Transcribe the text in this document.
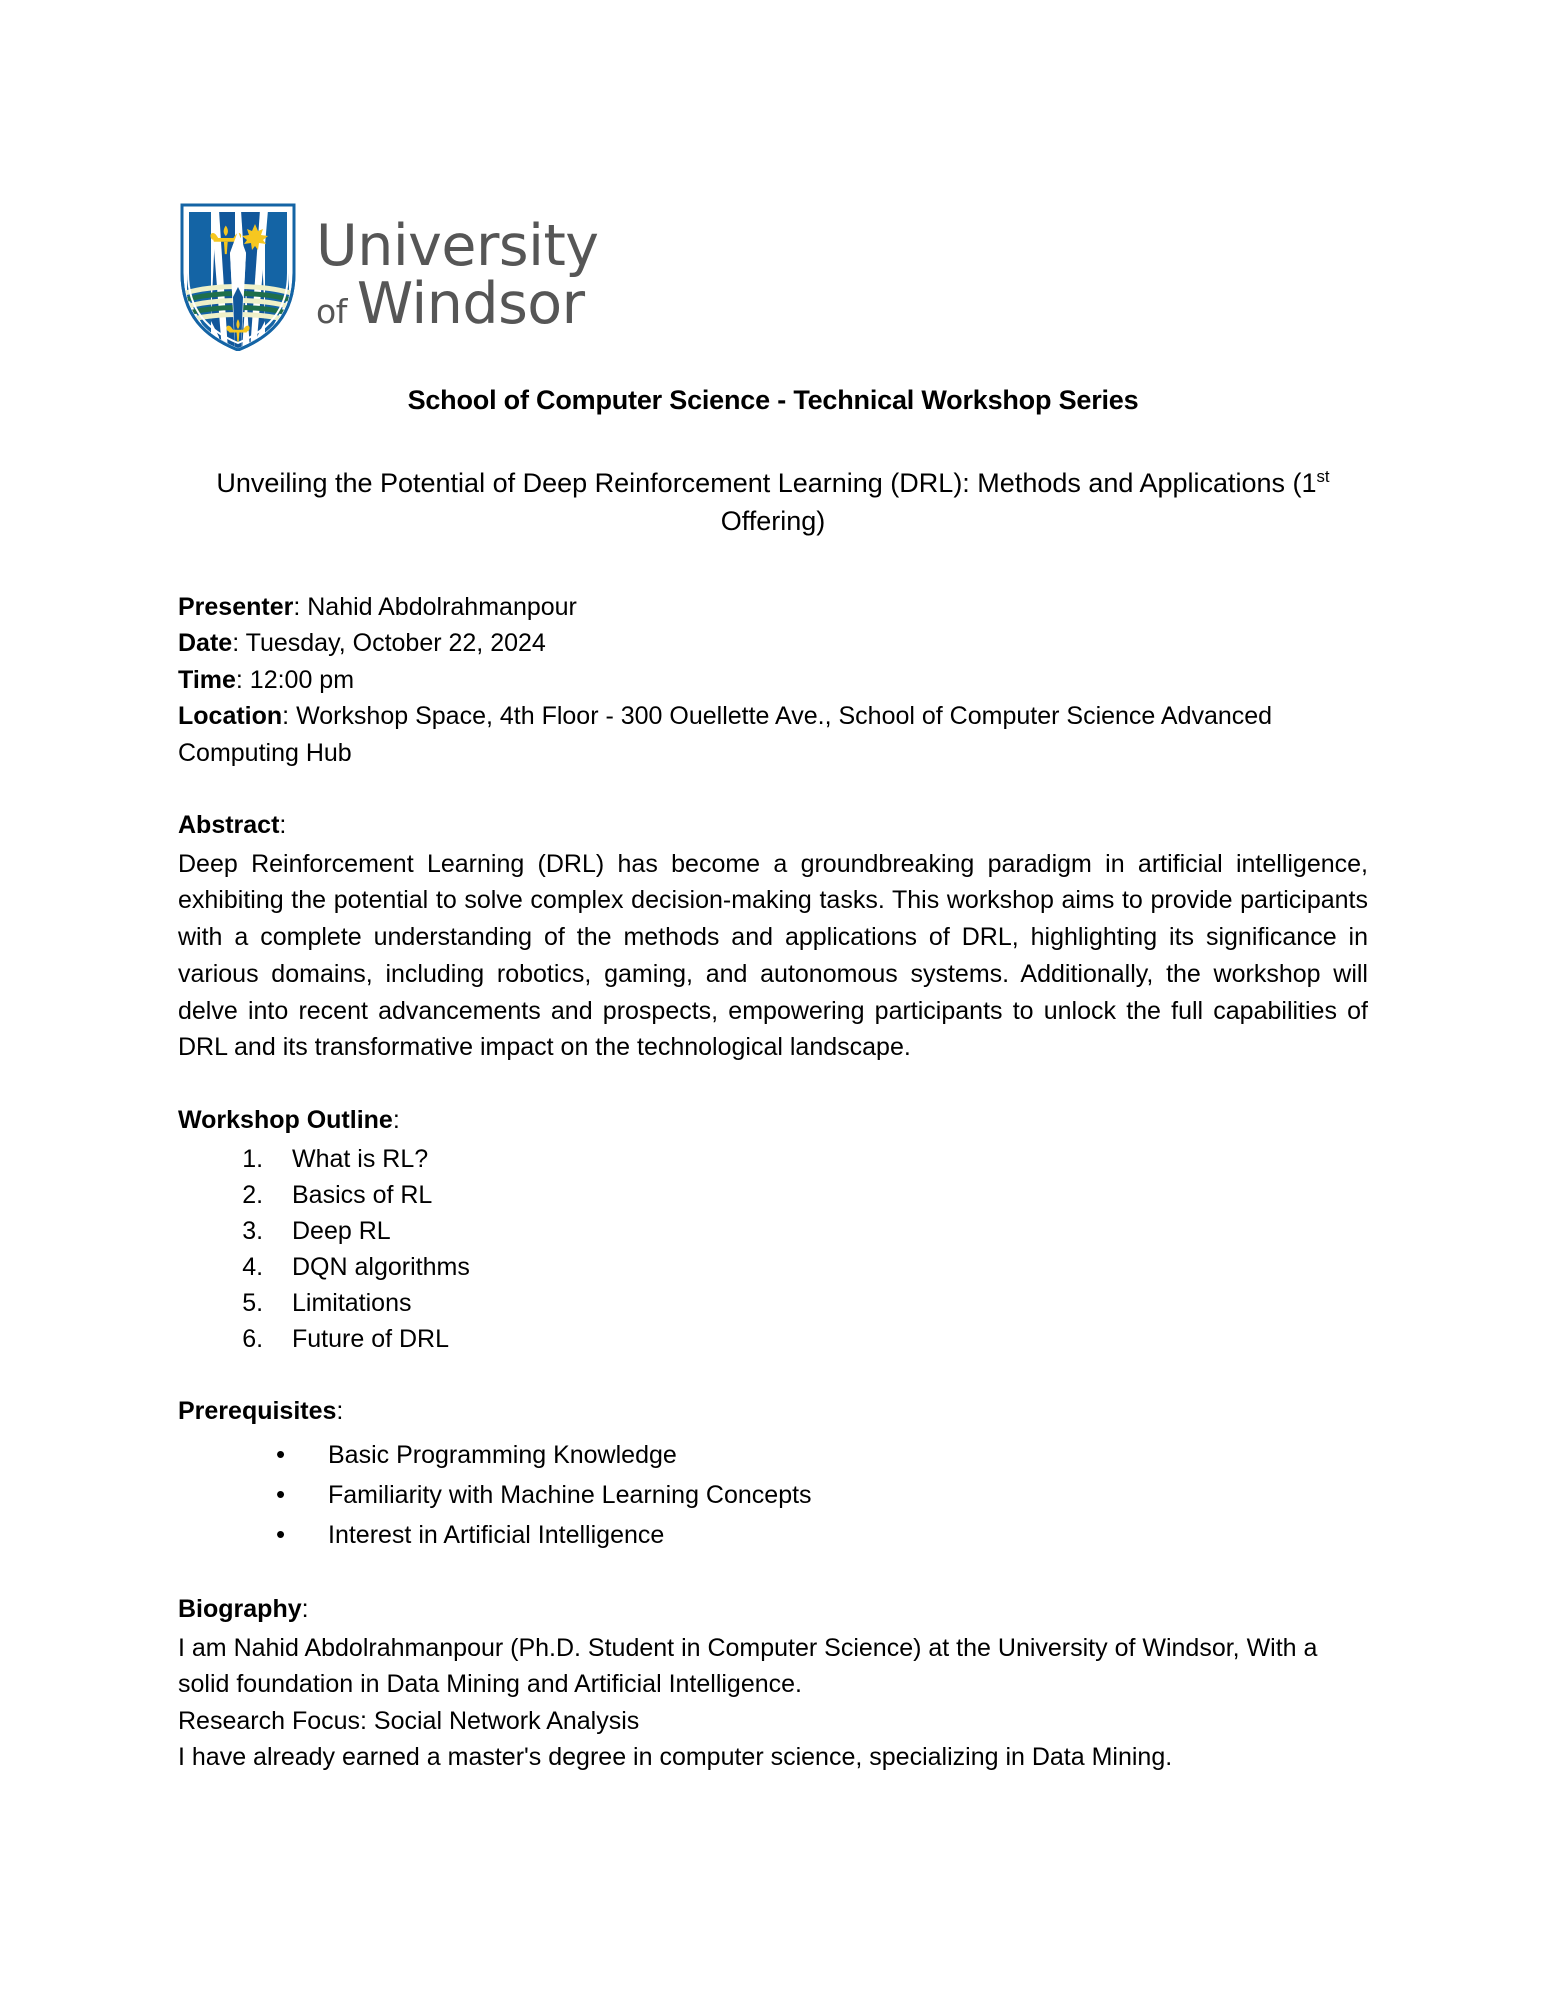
University
of Windsor
School of Computer Science - Technical Workshop Series
Unveiling the Potential of Deep Reinforcement Learning (DRL): Methods and Applications (1st Offering)
Presenter: Nahid Abdolrahmanpour
Date: Tuesday, October 22, 2024
Time: 12:00 pm
Location: Workshop Space, 4th Floor - 300 Ouellette Ave., School of Computer Science Advanced Computing Hub
Abstract:
Deep Reinforcement Learning (DRL) has become a groundbreaking paradigm in artificial intelligence, exhibiting the potential to solve complex decision-making tasks. This workshop aims to provide participants with a complete understanding of the methods and applications of DRL, highlighting its significance in various domains, including robotics, gaming, and autonomous systems. Additionally, the workshop will delve into recent advancements and prospects, empowering participants to unlock the full capabilities of DRL and its transformative impact on the technological landscape.
Workshop Outline:
1. What is RL?
2. Basics of RL
3. Deep RL
4. DQN algorithms
5. Limitations
6. Future of DRL
Prerequisites:
• Basic Programming Knowledge
• Familiarity with Machine Learning Concepts
• Interest in Artificial Intelligence
Biography:
I am Nahid Abdolrahmanpour (Ph.D. Student in Computer Science) at the University of Windsor, With a solid foundation in Data Mining and Artificial Intelligence.
Research Focus: Social Network Analysis
I have already earned a master's degree in computer science, specializing in Data Mining.
